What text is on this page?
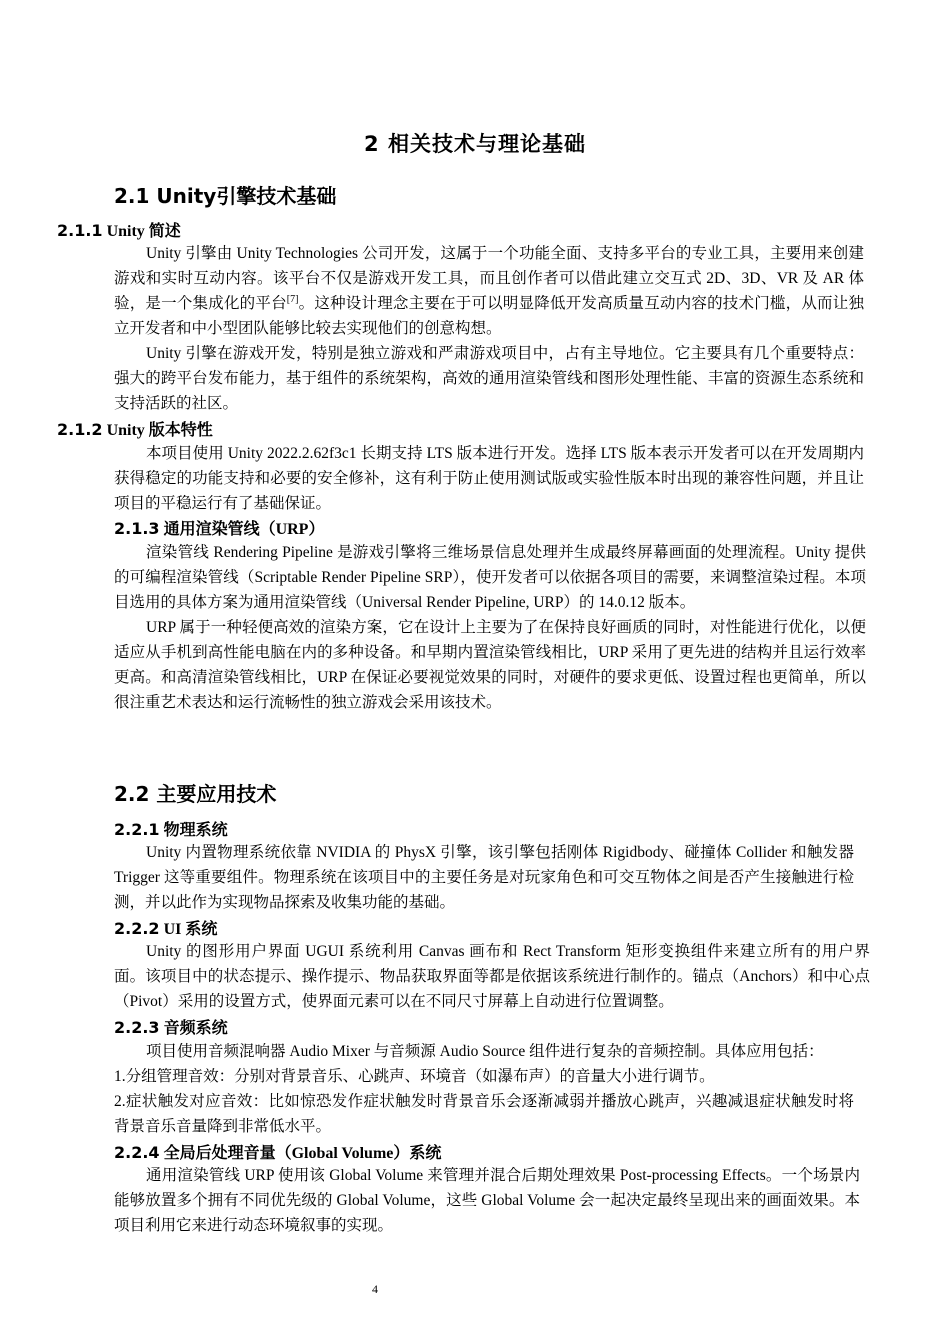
2 相关技术与理论基础
2.1 Unity引擎技术基础
2.1.1 Unity 简述

Unity 引擎由 Unity Technologies 公司开发，这属于一个功能全面、支持多平台的专业工具，主要用来创建游戏和实时互动内容。该平台不仅是游戏开发工具，而且创作者可以借此建立交互式 2D、3D、VR 及 AR 体验，是一个集成化的平台[7]。这种设计理念主要在于可以明显降低开发高质量互动内容的技术门槛，从而让独立开发者和中小型团队能够比较去实现他们的创意构想。

Unity 引擎在游戏开发，特别是独立游戏和严肃游戏项目中，占有主导地位。它主要具有几个重要特点：强大的跨平台发布能力，基于组件的系统架构，高效的通用渲染管线和图形处理性能、丰富的资源生态系统和支持活跃的社区。

2.1.2 Unity 版本特性

本项目使用 Unity 2022.2.62f3c1 长期支持 LTS 版本进行开发。选择 LTS 版本表示开发者可以在开发周期内获得稳定的功能支持和必要的安全修补，这有利于防止使用测试版或实验性版本时出现的兼容性问题，并且让项目的平稳运行有了基础保证。

2.1.3 通用渲染管线（URP）

渲染管线 Rendering Pipeline 是游戏引擎将三维场景信息处理并生成最终屏幕画面的处理流程。Unity 提供的可编程渲染管线（Scriptable Render Pipeline SRP），使开发者可以依据各项目的需要，来调整渲染过程。本项目选用的具体方案为通用渲染管线（Universal Render Pipeline, URP）的 14.0.12 版本。

URP 属于一种轻便高效的渲染方案，它在设计上主要为了在保持良好画质的同时，对性能进行优化，以便适应从手机到高性能电脑在内的多种设备。和早期内置渲染管线相比，URP 采用了更先进的结构并且运行效率更高。和高清渲染管线相比，URP 在保证必要视觉效果的同时，对硬件的要求更低、设置过程也更简单，所以很注重艺术表达和运行流畅性的独立游戏会采用该技术。

2.2 主要应用技术
2.2.1 物理系统

Unity 内置物理系统依靠 NVIDIA 的 PhysX 引擎，该引擎包括刚体 Rigidbody、碰撞体 Collider 和触发器 Trigger 这等重要组件。物理系统在该项目中的主要任务是对玩家角色和可交互物体之间是否产生接触进行检测，并以此作为实现物品探索及收集功能的基础。

2.2.2 UI 系统

Unity 的图形用户界面 UGUI 系统利用 Canvas 画布和 Rect Transform 矩形变换组件来建立所有的用户界面。该项目中的状态提示、操作提示、物品获取界面等都是依据该系统进行制作的。锚点（Anchors）和中心点（Pivot）采用的设置方式，使界面元素可以在不同尺寸屏幕上自动进行位置调整。

2.2.3 音频系统

项目使用音频混响器 Audio Mixer 与音频源 Audio Source 组件进行复杂的音频控制。具体应用包括：

1.分组管理音效：分别对背景音乐、心跳声、环境音（如瀑布声）的音量大小进行调节。

2.症状触发对应音效：比如惊恐发作症状触发时背景音乐会逐渐减弱并播放心跳声，兴趣减退症状触发时将背景音乐音量降到非常低水平。

2.2.4 全局后处理音量（Global Volume）系统

通用渲染管线 URP 使用该 Global Volume 来管理并混合后期处理效果 Post-processing Effects。一个场景内能够放置多个拥有不同优先级的 Global Volume，这些 Global Volume 会一起决定最终呈现出来的画面效果。本项目利用它来进行动态环境叙事的实现。

4
